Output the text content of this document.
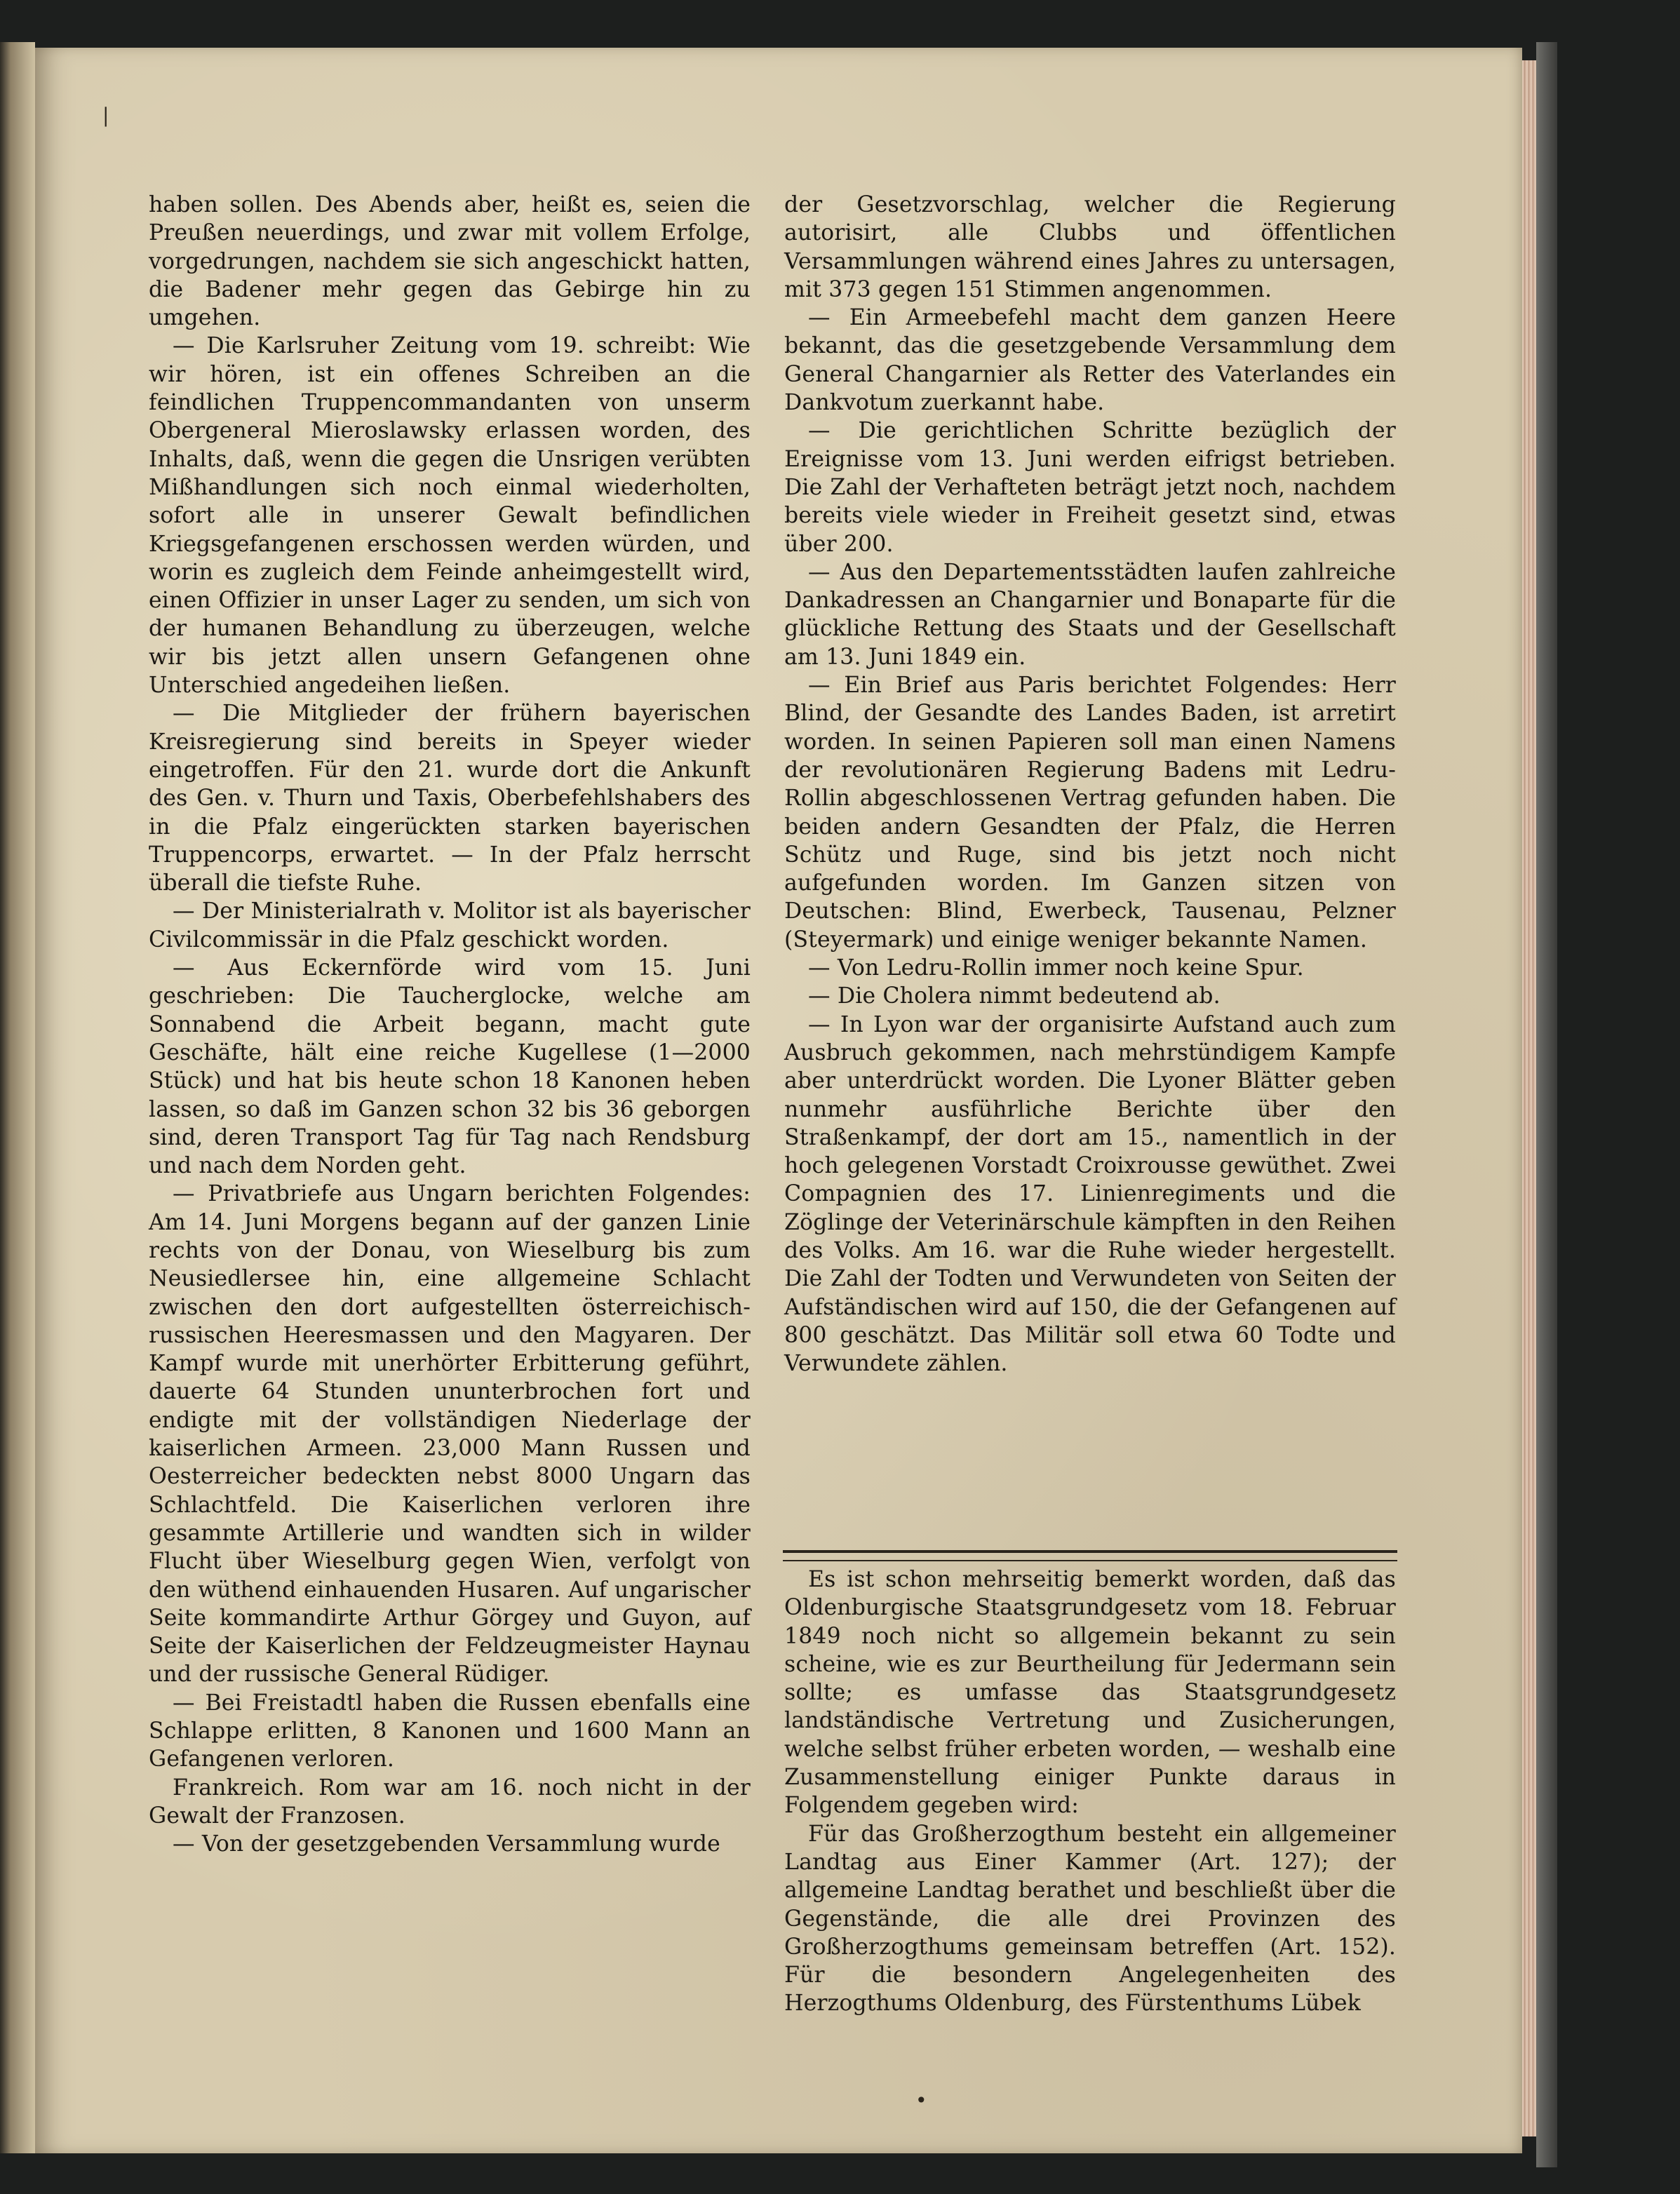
haben sollen. Des Abends aber, heißt es, seien die Preußen neuerdings, und zwar mit vollem Erfolge, vorgedrungen, nachdem sie sich angeschickt hatten, die Badener mehr gegen das Gebirge hin zu umgehen.

— Die Karlsruher Zeitung vom 19. schreibt: Wie wir hören, ist ein offenes Schreiben an die feindlichen Truppencommandanten von unserm Obergeneral Mieroslawsky erlassen worden, des Inhalts, daß, wenn die gegen die Unsrigen verübten Mißhandlungen sich noch einmal wiederholten, sofort alle in unserer Gewalt befindlichen Kriegsgefangenen erschossen werden würden, und worin es zugleich dem Feinde anheimgestellt wird, einen Offizier in unser Lager zu senden, um sich von der humanen Behandlung zu überzeugen, welche wir bis jetzt allen unsern Gefangenen ohne Unterschied angedeihen ließen.

— Die Mitglieder der frühern bayerischen Kreisregierung sind bereits in Speyer wieder eingetroffen. Für den 21. wurde dort die Ankunft des Gen. v. Thurn und Taxis, Oberbefehlshabers des in die Pfalz eingerückten starken bayerischen Truppencorps, erwartet. — In der Pfalz herrscht überall die tiefste Ruhe.

— Der Ministerialrath v. Molitor ist als bayerischer Civilcommissär in die Pfalz geschickt worden.

— Aus Eckernförde wird vom 15. Juni geschrieben: Die Taucherglocke, welche am Sonnabend die Arbeit begann, macht gute Geschäfte, hält eine reiche Kugellese (1—2000 Stück) und hat bis heute schon 18 Kanonen heben lassen, so daß im Ganzen schon 32 bis 36 geborgen sind, deren Transport Tag für Tag nach Rendsburg und nach dem Norden geht.

— Privatbriefe aus Ungarn berichten Folgendes: Am 14. Juni Morgens begann auf der ganzen Linie rechts von der Donau, von Wieselburg bis zum Neusiedlersee hin, eine allgemeine Schlacht zwischen den dort aufgestellten österreichisch-russischen Heeresmassen und den Magyaren. Der Kampf wurde mit unerhörter Erbitterung geführt, dauerte 64 Stunden ununterbrochen fort und endigte mit der vollständigen Niederlage der kaiserlichen Armeen. 23,000 Mann Russen und Oesterreicher bedeckten nebst 8000 Ungarn das Schlachtfeld. Die Kaiserlichen verloren ihre gesammte Artillerie und wandten sich in wilder Flucht über Wieselburg gegen Wien, verfolgt von den wüthend einhauenden Husaren. Auf ungarischer Seite kommandirte Arthur Görgey und Guyon, auf Seite der Kaiserlichen der Feldzeugmeister Haynau und der russische General Rüdiger.

— Bei Freistadtl haben die Russen ebenfalls eine Schlappe erlitten, 8 Kanonen und 1600 Mann an Gefangenen verloren.

Frankreich. Rom war am 16. noch nicht in der Gewalt der Franzosen.

— Von der gesetzgebenden Versammlung wurde

der Gesetzvorschlag, welcher die Regierung autorisirt, alle Clubbs und öffentlichen Versammlungen während eines Jahres zu untersagen, mit 373 gegen 151 Stimmen angenommen.

— Ein Armeebefehl macht dem ganzen Heere bekannt, das die gesetzgebende Versammlung dem General Changarnier als Retter des Vaterlandes ein Dankvotum zuerkannt habe.

— Die gerichtlichen Schritte bezüglich der Ereignisse vom 13. Juni werden eifrigst betrieben. Die Zahl der Verhafteten beträgt jetzt noch, nachdem bereits viele wieder in Freiheit gesetzt sind, etwas über 200.

— Aus den Departementsstädten laufen zahlreiche Dankadressen an Changarnier und Bonaparte für die glückliche Rettung des Staats und der Gesellschaft am 13. Juni 1849 ein.

— Ein Brief aus Paris berichtet Folgendes: Herr Blind, der Gesandte des Landes Baden, ist arretirt worden. In seinen Papieren soll man einen Namens der revolutionären Regierung Badens mit Ledru-Rollin abgeschlossenen Vertrag gefunden haben. Die beiden andern Gesandten der Pfalz, die Herren Schütz und Ruge, sind bis jetzt noch nicht aufgefunden worden. Im Ganzen sitzen von Deutschen: Blind, Ewerbeck, Tausenau, Pelzner (Steyermark) und einige weniger bekannte Namen.

— Von Ledru-Rollin immer noch keine Spur.

— Die Cholera nimmt bedeutend ab.

— In Lyon war der organisirte Aufstand auch zum Ausbruch gekommen, nach mehrstündigem Kampfe aber unterdrückt worden. Die Lyoner Blätter geben nunmehr ausführliche Berichte über den Straßenkampf, der dort am 15., namentlich in der hoch gelegenen Vorstadt Croixrousse gewüthet. Zwei Compagnien des 17. Linienregiments und die Zöglinge der Veterinärschule kämpften in den Reihen des Volks. Am 16. war die Ruhe wieder hergestellt. Die Zahl der Todten und Verwundeten von Seiten der Aufständischen wird auf 150, die der Gefangenen auf 800 geschätzt. Das Militär soll etwa 60 Todte und Verwundete zählen.

Es ist schon mehrseitig bemerkt worden, daß das Oldenburgische Staatsgrundgesetz vom 18. Februar 1849 noch nicht so allgemein bekannt zu sein scheine, wie es zur Beurtheilung für Jedermann sein sollte; es umfasse das Staatsgrundgesetz landständische Vertretung und Zusicherungen, welche selbst früher erbeten worden, — weshalb eine Zusammenstellung einiger Punkte daraus in Folgendem gegeben wird:

Für das Großherzogthum besteht ein allgemeiner Landtag aus Einer Kammer (Art. 127); der allgemeine Landtag berathet und beschließt über die Gegenstände, die alle drei Provinzen des Großherzogthums gemeinsam betreffen (Art. 152). Für die besondern Angelegenheiten des Herzogthums Oldenburg, des Fürstenthums Lübek

|
•
